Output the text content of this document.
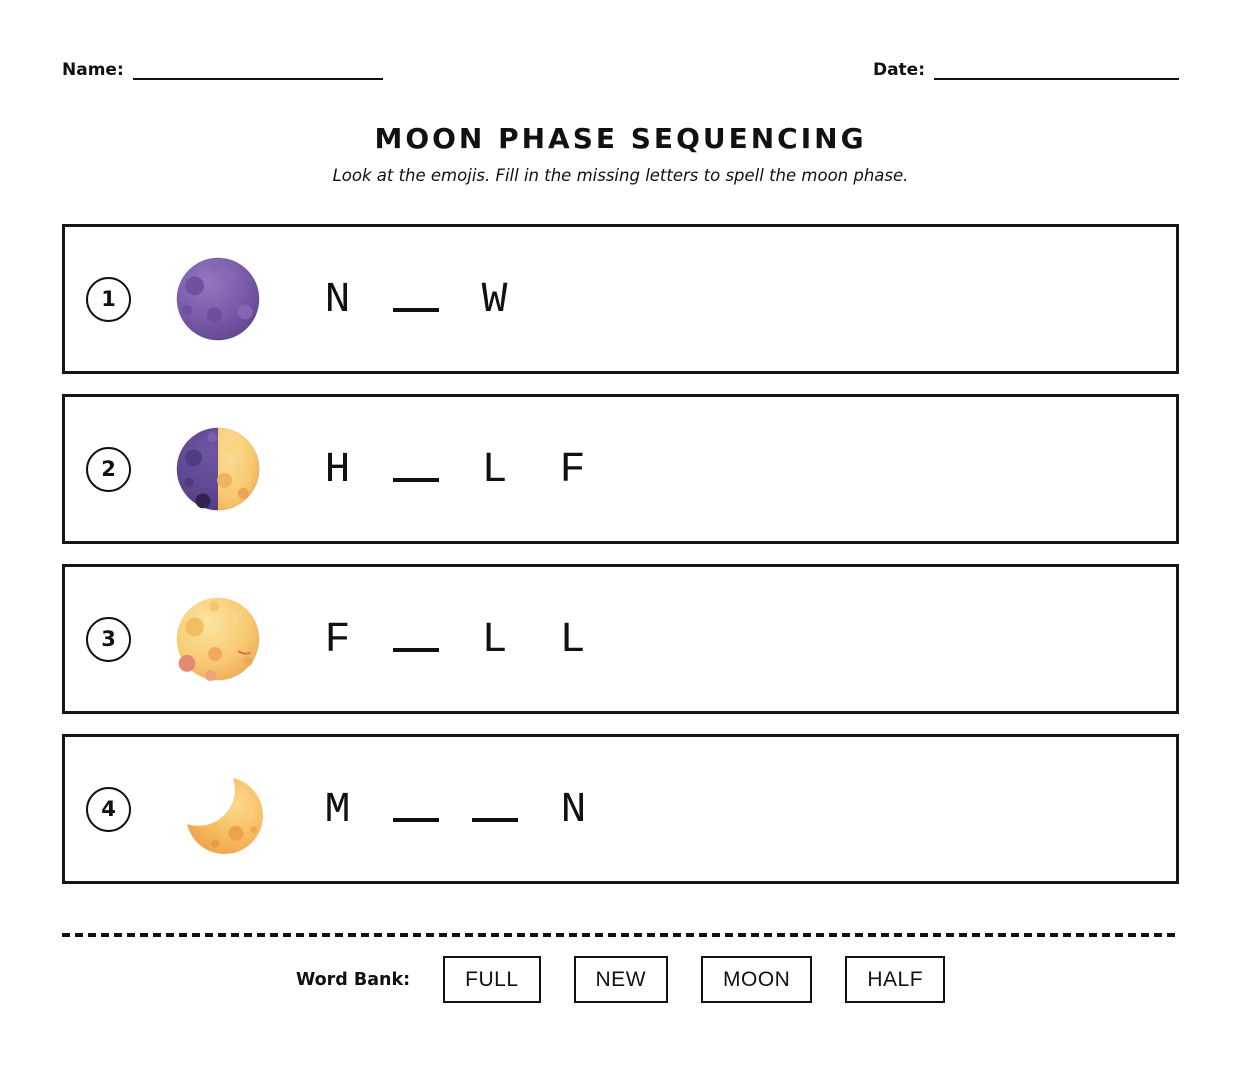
Name:	Date:
MOON PHASE SEQUENCING
Look at the emojis. Fill in the missing letters to spell the moon phase.
1	N	W
2	H	L F
3	F	L L
4	M	N
Word Bank:	FULL	NEW	MOON	HALF
